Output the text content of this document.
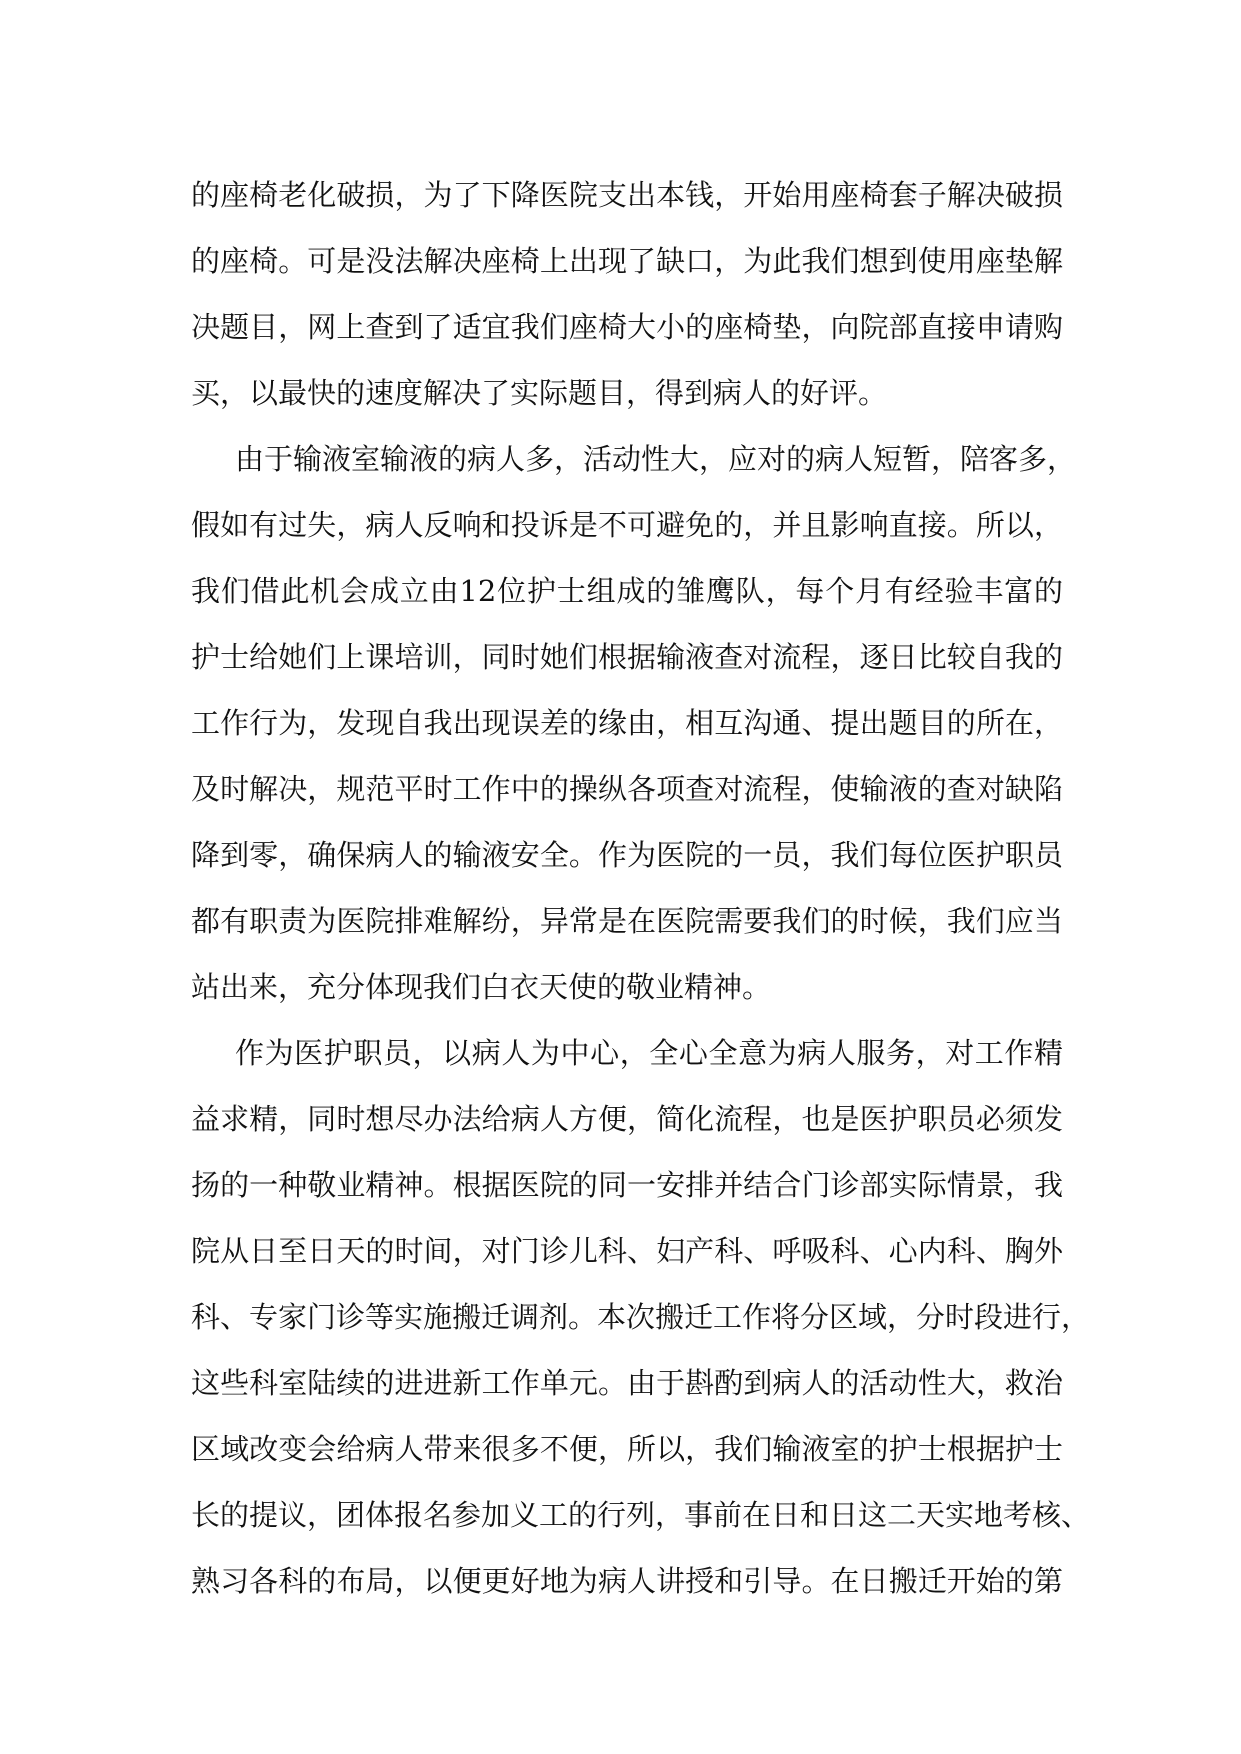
的座椅老化破损，为了下降医院支出本钱，开始用座椅套子解决破损
的座椅。可是没法解决座椅上出现了缺口，为此我们想到使用座垫解
决题目，网上查到了适宜我们座椅大小的座椅垫，向院部直接申请购
买，以最快的速度解决了实际题目，得到病人的好评。
由于输液室输液的病人多，活动性大，应对的病人短暂，陪客多，
假如有过失，病人反响和投诉是不可避免的，并且影响直接。所以，
我们借此机会成立由12位护士组成的雏鹰队，每个月有经验丰富的
护士给她们上课培训，同时她们根据输液查对流程，逐日比较自我的
工作行为，发现自我出现误差的缘由，相互沟通、提出题目的所在，
及时解决，规范平时工作中的操纵各项查对流程，使输液的查对缺陷
降到零，确保病人的输液安全。作为医院的一员，我们每位医护职员
都有职责为医院排难解纷，异常是在医院需要我们的时候，我们应当
站出来，充分体现我们白衣天使的敬业精神。
作为医护职员，以病人为中心，全心全意为病人服务，对工作精
益求精，同时想尽办法给病人方便，简化流程，也是医护职员必须发
扬的一种敬业精神。根据医院的同一安排并结合门诊部实际情景，我
院从日至日天的时间，对门诊儿科、妇产科、呼吸科、心内科、胸外
科、专家门诊等实施搬迁调剂。本次搬迁工作将分区域，分时段进行，
这些科室陆续的进进新工作单元。由于斟酌到病人的活动性大，救治
区域改变会给病人带来很多不便，所以，我们输液室的护士根据护士
长的提议，团体报名参加义工的行列，事前在日和日这二天实地考核、
熟习各科的布局，以便更好地为病人讲授和引导。在日搬迁开始的第
